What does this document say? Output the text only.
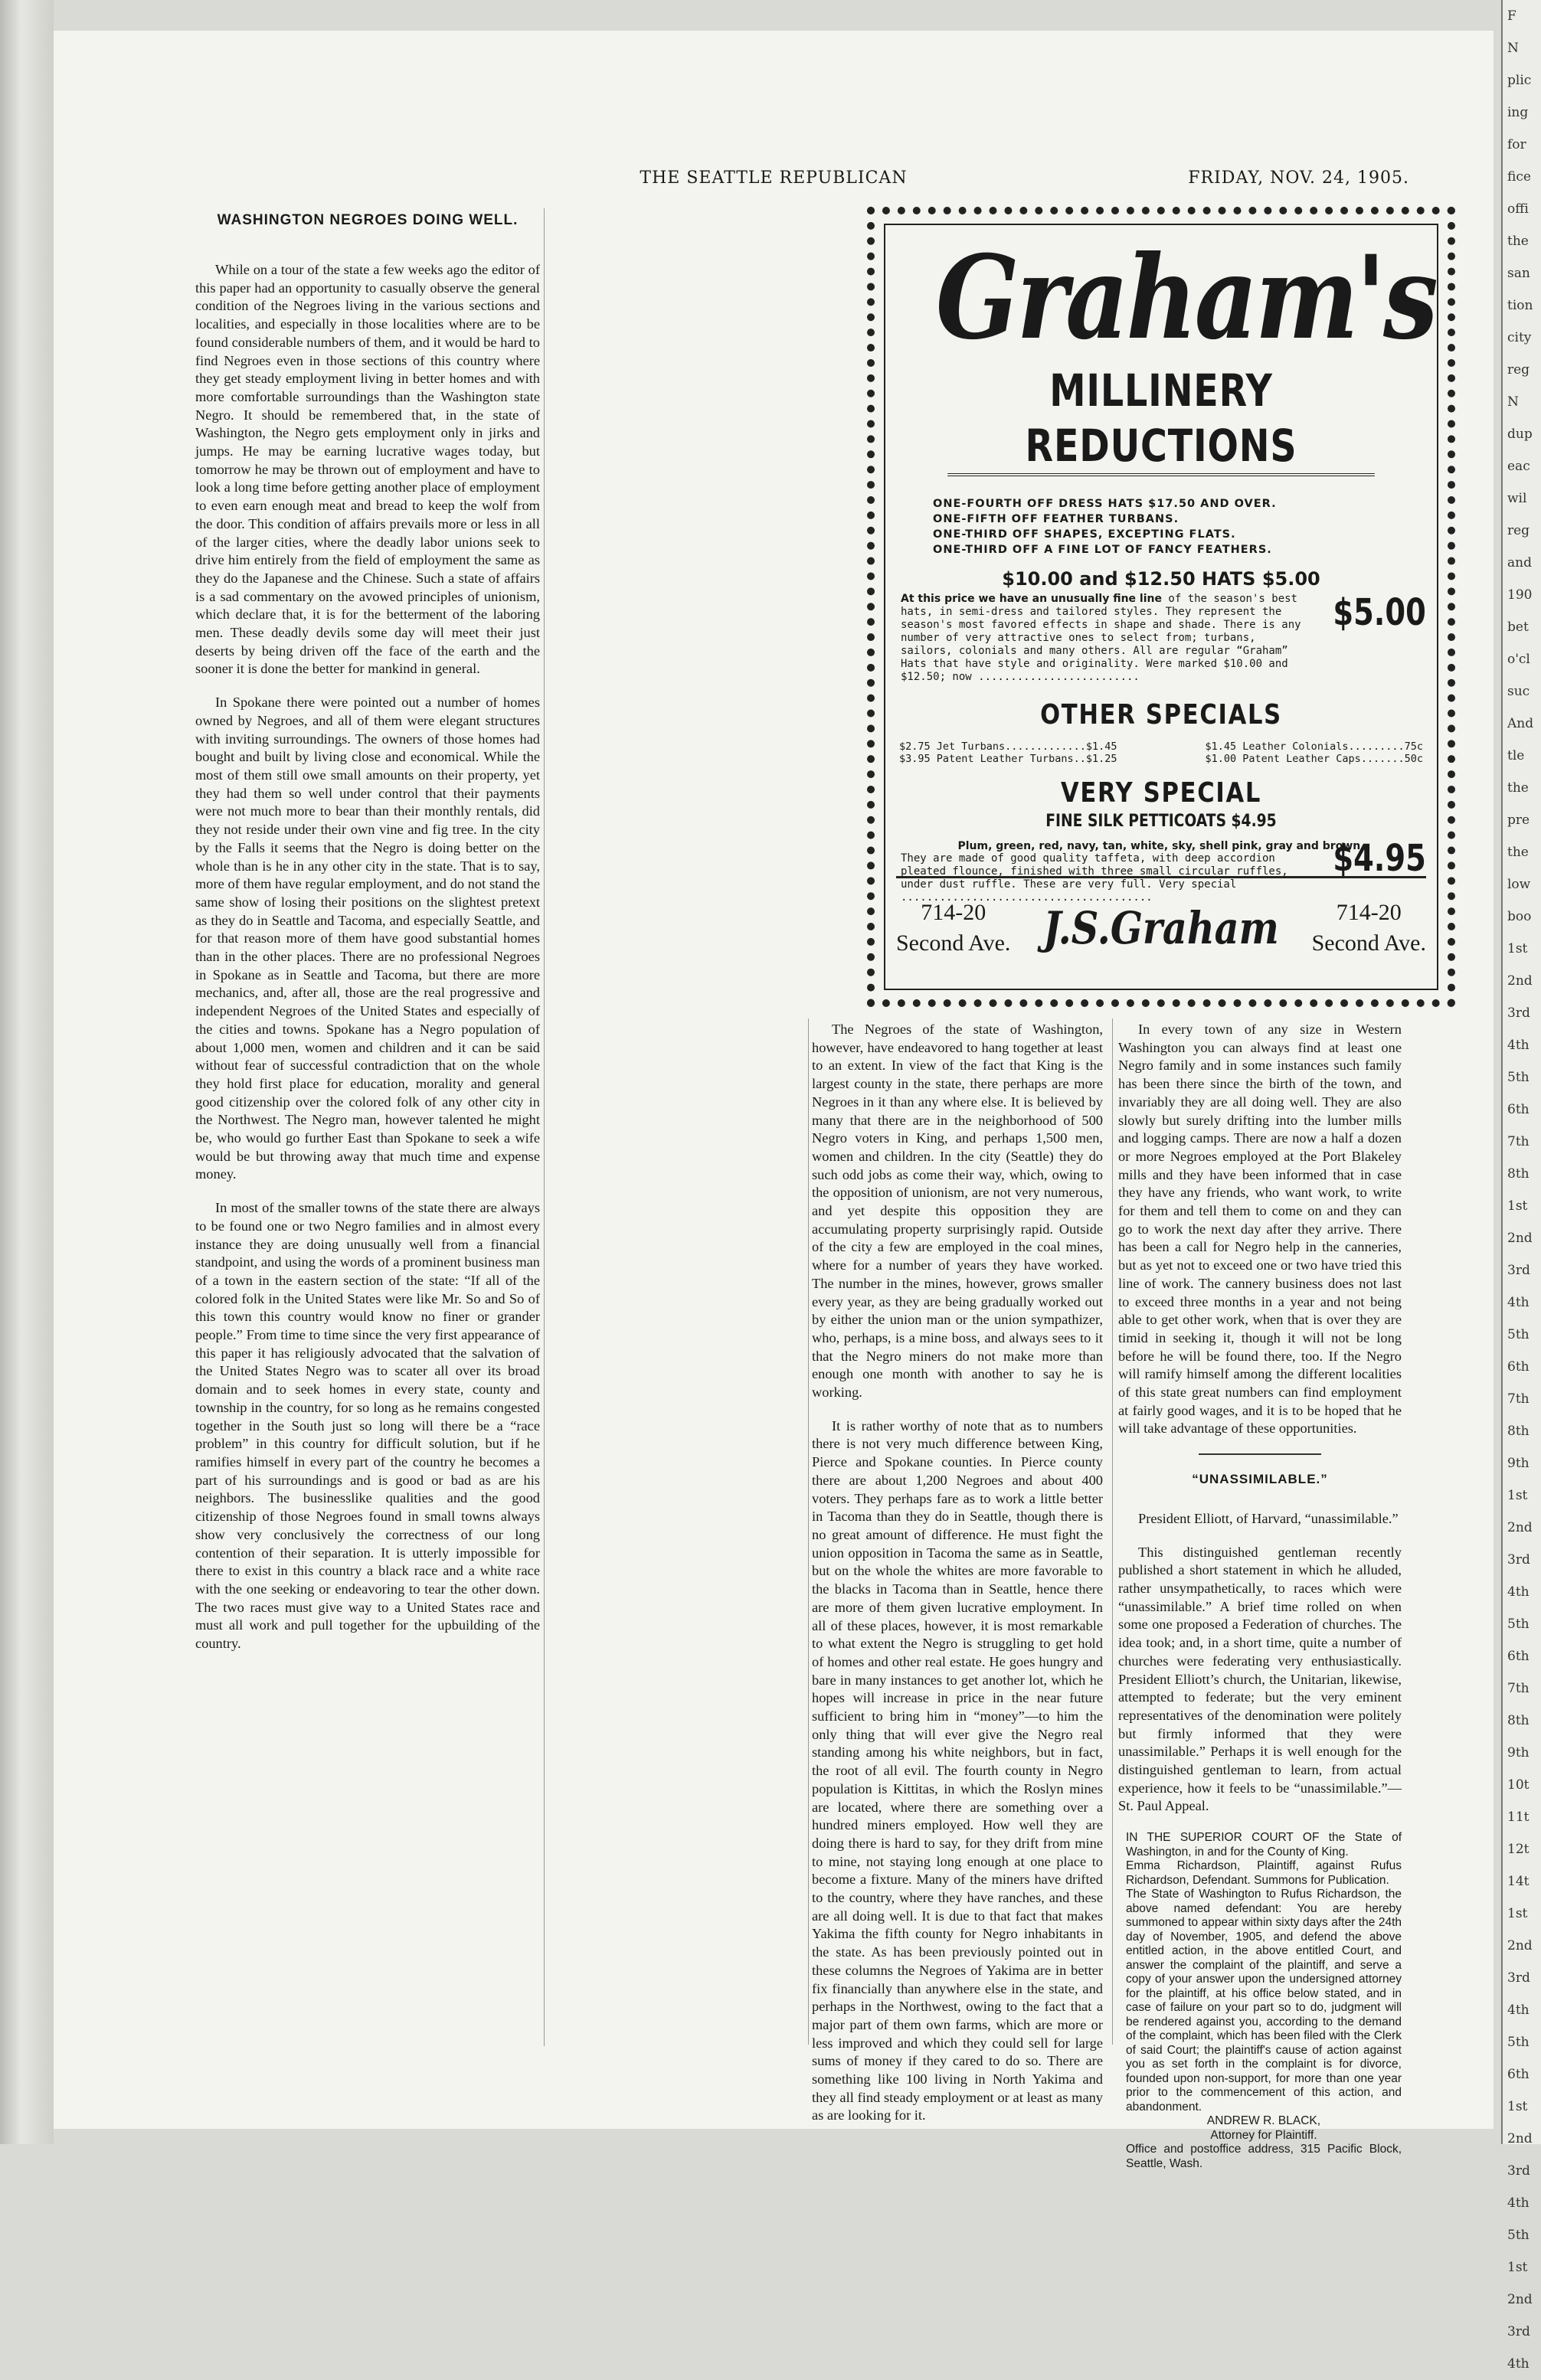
F
N
plic
ing
for
fice
offi
the
san
tion
city
reg
N
dup
eac
wil
reg
and
190
bet
o'cl
suc
And
tle
the
pre
the
low
boo
1st
2nd
3rd
4th
5th
6th
7th
8th
1st
2nd
3rd
4th
5th
6th
7th
8th
9th
1st
2nd
3rd
4th
5th
6th
7th
8th
9th
10t
11t
12t
14t
1st
2nd
3rd
4th
5th
6th
1st
2nd
3rd
4th
5th
1st
2nd
3rd
4th
THE SEATTLE REPUBLICAN	FRIDAY, NOV. 24, 1905.
WASHINGTON NEGROES DOING WELL.

While on a tour of the state a few weeks ago the editor of this paper had an opportunity to casually observe the general condition of the Negroes living in the various sections and localities, and especially in those localities where are to be found considerable numbers of them, and it would be hard to find Negroes even in those sections of this country where they get steady employment living in better homes and with more comfortable surroundings than the Washington state Negro. It should be remembered that, in the state of Washington, the Negro gets employment only in jirks and jumps. He may be earning lucrative wages today, but tomorrow he may be thrown out of employment and have to look a long time before getting another place of employment to even earn enough meat and bread to keep the wolf from the door. This condition of affairs prevails more or less in all of the larger cities, where the deadly labor unions seek to drive him entirely from the field of employment the same as they do the Japanese and the Chinese. Such a state of affairs is a sad commentary on the avowed principles of unionism, which declare that, it is for the betterment of the laboring men. These deadly devils some day will meet their just deserts by being driven off the face of the earth and the sooner it is done the better for mankind in general.

In Spokane there were pointed out a number of homes owned by Negroes, and all of them were elegant structures with inviting surroundings. The owners of those homes had bought and built by living close and economical. While the most of them still owe small amounts on their property, yet they had them so well under control that their payments were not much more to bear than their monthly rentals, did they not reside under their own vine and fig tree. In the city by the Falls it seems that the Negro is doing better on the whole than is he in any other city in the state. That is to say, more of them have regular employment, and do not stand the same show of losing their positions on the slightest pretext as they do in Seattle and Tacoma, and especially Seattle, and for that reason more of them have good substantial homes than in the other places. There are no professional Negroes in Spokane as in Seattle and Tacoma, but there are more mechanics, and, after all, those are the real progressive and independent Negroes of the United States and especially of the cities and towns. Spokane has a Negro population of about 1,000 men, women and children and it can be said without fear of successful contradiction that on the whole they hold first place for education, morality and general good citizenship over the colored folk of any other city in the Northwest. The Negro man, however talented he might be, who would go further East than Spokane to seek a wife would be but throwing away that much time and expense money.

In most of the smaller towns of the state there are always to be found one or two Negro families and in almost every instance they are doing unusually well from a financial standpoint, and using the words of a prominent business man of a town in the eastern section of the state: “If all of the colored folk in the United States were like Mr. So and So of this town this country would know no finer or grander people.” From time to time since the very first appearance of this paper it has religiously advocated that the salvation of the United States Negro was to scater all over its broad domain and to seek homes in every state, county and township in the country, for so long as he remains congested together in the South just so long will there be a “race problem” in this country for difficult solution, but if he ramifies himself in every part of the country he becomes a part of his surroundings and is good or bad as are his neighbors. The businesslike qualities and the good citizenship of those Negroes found in small towns always show very conclusively the correctness of our long contention of their separation. It is utterly impossible for there to exist in this country a black race and a white race with the one seeking or endeavoring to tear the other down. The two races must give way to a United States race and must all work and pull together for the upbuilding of the country.

The Negroes of the state of Washington, however, have endeavored to hang together at least to an extent. In view of the fact that King is the largest county in the state, there perhaps are more Negroes in it than any where else. It is believed by many that there are in the neighborhood of 500 Negro voters in King, and perhaps 1,500 men, women and children. In the city (Seattle) they do such odd jobs as come their way, which, owing to the opposition of unionism, are not very numerous, and yet despite this opposition they are accumulating property surprisingly rapid. Outside of the city a few are employed in the coal mines, where for a number of years they have worked. The number in the mines, however, grows smaller every year, as they are being gradually worked out by either the union man or the union sympathizer, who, perhaps, is a mine boss, and always sees to it that the Negro miners do not make more than enough one month with another to say he is working.

It is rather worthy of note that as to numbers there is not very much difference between King, Pierce and Spokane counties. In Pierce county there are about 1,200 Negroes and about 400 voters. They perhaps fare as to work a little better in Tacoma than they do in Seattle, though there is no great amount of difference. He must fight the union opposition in Tacoma the same as in Seattle, but on the whole the whites are more favorable to the blacks in Tacoma than in Seattle, hence there are more of them given lucrative employment. In all of these places, however, it is most remarkable to what extent the Negro is struggling to get hold of homes and other real estate. He goes hungry and bare in many instances to get another lot, which he hopes will increase in price in the near future sufficient to bring him in “money”—to him the only thing that will ever give the Negro real standing among his white neighbors, but in fact, the root of all evil. The fourth county in Negro population is Kittitas, in which the Roslyn mines are located, where there are something over a hundred miners employed. How well they are doing there is hard to say, for they drift from mine to mine, not staying long enough at one place to become a fixture. Many of the miners have drifted to the country, where they have ranches, and these are all doing well. It is due to that fact that makes Yakima the fifth county for Negro inhabitants in the state. As has been previously pointed out in these columns the Negroes of Yakima are in better fix financially than anywhere else in the state, and perhaps in the Northwest, owing to the fact that a major part of them own farms, which are more or less improved and which they could sell for large sums of money if they cared to do so. There are something like 100 living in North Yakima and they all find steady employment or at least as many as are looking for it.

In every town of any size in Western Washington you can always find at least one Negro family and in some instances such family has been there since the birth of the town, and invariably they are all doing well. They are also slowly but surely drifting into the lumber mills and logging camps. There are now a half a dozen or more Negroes employed at the Port Blakeley mills and they have been informed that in case they have any friends, who want work, to write for them and tell them to come on and they can go to work the next day after they arrive. There has been a call for Negro help in the canneries, but as yet not to exceed one or two have tried this line of work. The cannery business does not last to exceed three months in a year and not being able to get other work, when that is over they are timid in seeking it, though it will not be long before he will be found there, too. If the Negro will ramify himself among the different localities of this state great numbers can find employment at fairly good wages, and it is to be hoped that he will take advantage of these opportunities.

“UNASSIMILABLE.”

President Elliott, of Harvard, “unassimilable.”

This distinguished gentleman recently published a short statement in which he alluded, rather unsympathetically, to races which were “unassimilable.” A brief time rolled on when some one proposed a Federation of churches. The idea took; and, in a short time, quite a number of churches were federating very enthusiastically. President Elliott’s church, the Unitarian, likewise, attempted to federate; but the very eminent representatives of the denomination were politely but firmly informed that they were unassimilable.” Perhaps it is well enough for the distinguished gentleman to learn, from actual experience, how it feels to be “unassimilable.”—St. Paul Appeal.

IN THE SUPERIOR COURT OF the State of Washington, in and for the County of King.

Emma Richardson, Plaintiff, against Rufus Richardson, Defendant. Summons for Publication.

The State of Washington to Rufus Richardson, the above named defendant: You are hereby summoned to appear within sixty days after the 24th day of November, 1905, and defend the above entitled action, in the above entitled Court, and answer the complaint of the plaintiff, and serve a copy of your answer upon the undersigned attorney for the plaintiff, at his office below stated, and in case of failure on your part so to do, judgment will be rendered against you, according to the demand of the complaint, which has been filed with the Clerk of said Court; the plaintiff's cause of action against you as set forth in the complaint is for divorce, founded upon non-support, for more than one year prior to the commencement of this action, and abandonment.

ANDREW R. BLACK,

Attorney for Plaintiff.

Office and postoffice address, 315 Pacific Block, Seattle, Wash.

Graham's
MILLINERY REDUCTIONS
ONE-FOURTH OFF DRESS HATS $17.50 AND OVER.
ONE-FIFTH OFF FEATHER TURBANS.
ONE-THIRD OFF SHAPES, EXCEPTING FLATS.
ONE-THIRD OFF A FINE LOT OF FANCY FEATHERS.
$10.00 and $12.50 HATS $5.00
At this price we have an unusually fine line of the season's best hats, in semi-dress and tailored styles. They represent the season's most favored effects in shape and shade. There is any number of very attractive ones to select from; turbans, sailors, colonials and many others. All are regular “Graham” Hats that have style and originality. Were marked $10.00 and $12.50; now .........................
$5.00
OTHER SPECIALS
$2.75 Jet Turbans.............$1.45
$3.95 Patent Leather Turbans..$1.25
$1.45 Leather Colonials.........75c
$1.00 Patent Leather Caps.......50c
VERY SPECIAL
FINE SILK PETTICOATS $4.95
Plum, green, red, navy, tan, white, sky, shell pink, gray and brown.
They are made of good quality taffeta, with deep accordion pleated flounce, finished with three small circular ruffles, under dust ruffle. These are very full. Very special .......................................
$4.95
714-20
Second Ave. J.S.Graham	714-20
Second Ave.
